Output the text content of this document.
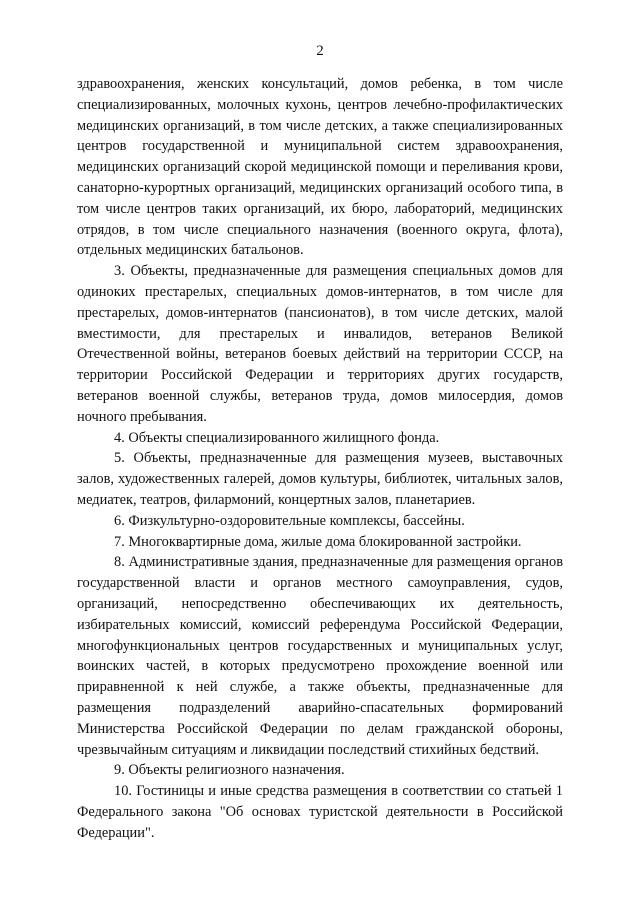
2

здравоохранения, женских консультаций, домов ребенка, в том числе специализированных, молочных кухонь, центров лечебно-профилактических медицинских организаций, в том числе детских, а также специализированных центров государственной и муниципальной систем здравоохранения, медицинских организаций скорой медицинской помощи и переливания крови, санаторно-курортных организаций, медицинских организаций особого типа, в том числе центров таких организаций, их бюро, лабораторий, медицинских отрядов, в том числе специального назначения (военного округа, флота), отдельных медицинских батальонов.

3. Объекты, предназначенные для размещения специальных домов для одиноких престарелых, специальных домов-интернатов, в том числе для престарелых, домов-интернатов (пансионатов), в том числе детских, малой вместимости, для престарелых и инвалидов, ветеранов Великой Отечественной войны, ветеранов боевых действий на территории СССР, на территории Российской Федерации и территориях других государств, ветеранов военной службы, ветеранов труда, домов милосердия, домов ночного пребывания.

4. Объекты специализированного жилищного фонда.

5. Объекты, предназначенные для размещения музеев, выставочных залов, художественных галерей, домов культуры, библиотек, читальных залов, медиатек, театров, филармоний, концертных залов, планетариев.

6. Физкультурно-оздоровительные комплексы, бассейны.

7. Многоквартирные дома, жилые дома блокированной застройки.

8. Административные здания, предназначенные для размещения органов государственной власти и органов местного самоуправления, судов, организаций, непосредственно обеспечивающих их деятельность, избирательных комиссий, комиссий референдума Российской Федерации, многофункциональных центров государственных и муниципальных услуг, воинских частей, в которых предусмотрено прохождение военной или приравненной к ней службе, а также объекты, предназначенные для размещения подразделений аварийно-спасательных формирований Министерства Российской Федерации по делам гражданской обороны, чрезвычайным ситуациям и ликвидации последствий стихийных бедствий.

9. Объекты религиозного назначения.

10. Гостиницы и иные средства размещения в соответствии со статьей 1 Федерального закона "Об основах туристской деятельности в Российской Федерации".
